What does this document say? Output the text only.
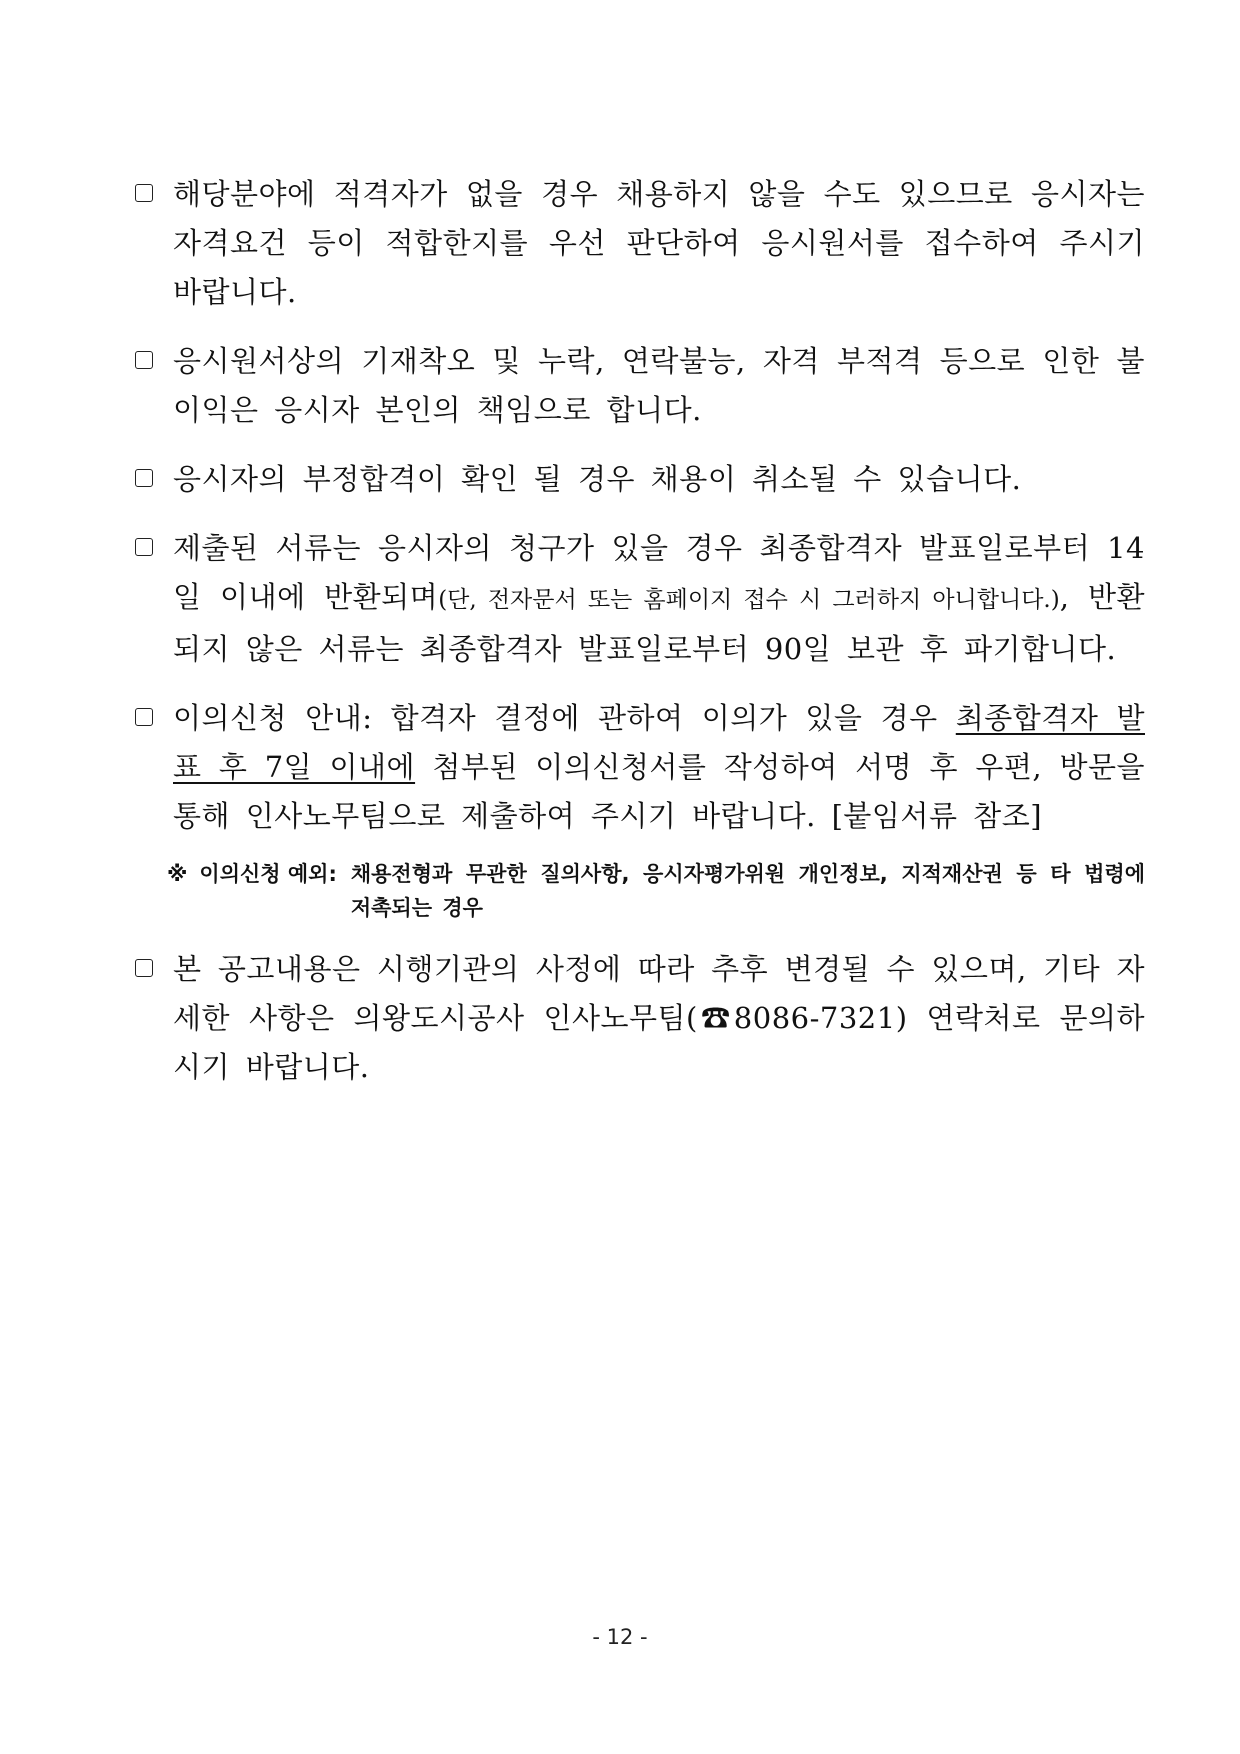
해당분야에 적격자가 없을 경우 채용하지 않을 수도 있으므로 응시자는 자격요건 등이 적합한지를 우선 판단하여 응시원서를 접수하여 주시기 바랍니다.
응시원서상의 기재착오 및 누락, 연락불능, 자격 부적격 등으로 인한 불이익은 응시자 본인의 책임으로 합니다.
응시자의 부정합격이 확인 될 경우 채용이 취소될 수 있습니다.
제출된 서류는 응시자의 청구가 있을 경우 최종합격자 발표일로부터 14일 이내에 반환되며(단, 전자문서 또는 홈페이지 접수 시 그러하지 아니합니다.), 반환되지 않은 서류는 최종합격자 발표일로부터 90일 보관 후 파기합니다.
이의신청 안내: 합격자 결정에 관하여 이의가 있을 경우 최종합격자 발표 후 7일 이내에 첨부된 이의신청서를 작성하여 서명 후 우편, 방문을 통해 인사노무팀으로 제출하여 주시기 바랍니다. [붙임서류 참조]
※ 이의신청 예외: 채용전형과 무관한 질의사항, 응시자평가위원 개인정보, 지적재산권 등 타 법령에 저촉되는 경우
본 공고내용은 시행기관의 사정에 따라 추후 변경될 수 있으며, 기타 자세한 사항은 의왕도시공사 인사노무팀(☎8086-7321) 연락처로 문의하시기 바랍니다.
- 12 -
